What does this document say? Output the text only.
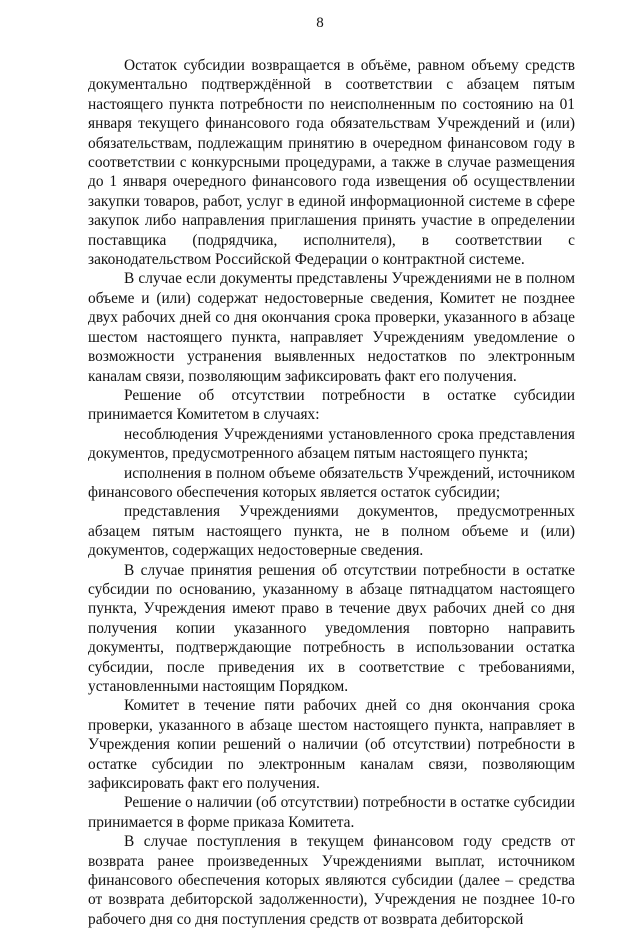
8

Остаток субсидии возвращается в объёме, равном объему средств документально подтверждённой в соответствии с абзацем пятым настоящего пункта потребности по неисполненным по состоянию на 01 января текущего финансового года обязательствам Учреждений и (или) обязательствам, подлежащим принятию в очередном финансовом году в соответствии с конкурсными процедурами, а также в случае размещения до 1 января очередного финансового года извещения об осуществлении закупки товаров, работ, услуг в единой информационной системе в сфере закупок либо направления приглашения принять участие в определении поставщика (подрядчика, исполнителя), в соответствии с законодательством Российской Федерации о контрактной системе.

В случае если документы представлены Учреждениями не в полном объеме и (или) содержат недостоверные сведения, Комитет не позднее двух рабочих дней со дня окончания срока проверки, указанного в абзаце шестом настоящего пункта, направляет Учреждениям уведомление о возможности устранения выявленных недостатков по электронным каналам связи, позволяющим зафиксировать факт его получения.

Решение об отсутствии потребности в остатке субсидии принимается Комитетом в случаях:

несоблюдения Учреждениями установленного срока представления документов, предусмотренного абзацем пятым настоящего пункта;

исполнения в полном объеме обязательств Учреждений, источником финансового обеспечения которых является остаток субсидии;

представления Учреждениями документов, предусмотренных абзацем пятым настоящего пункта, не в полном объеме и (или) документов, содержащих недостоверные сведения.

В случае принятия решения об отсутствии потребности в остатке субсидии по основанию, указанному в абзаце пятнадцатом настоящего пункта, Учреждения имеют право в течение двух рабочих дней со дня получения копии указанного уведомления повторно направить документы, подтверждающие потребность в использовании остатка субсидии, после приведения их в соответствие с требованиями, установленными настоящим Порядком.

Комитет в течение пяти рабочих дней со дня окончания срока проверки, указанного в абзаце шестом настоящего пункта, направляет в Учреждения копии решений о наличии (об отсутствии) потребности в остатке субсидии по электронным каналам связи, позволяющим зафиксировать факт его получения.

Решение о наличии (об отсутствии) потребности в остатке субсидии принимается в форме приказа Комитета.

В случае поступления в текущем финансовом году средств от возврата ранее произведенных Учреждениями выплат, источником финансового обеспечения которых являются субсидии (далее – средства от возврата дебиторской задолженности), Учреждения не позднее 10-го рабочего дня со дня поступления средств от возврата дебиторской
